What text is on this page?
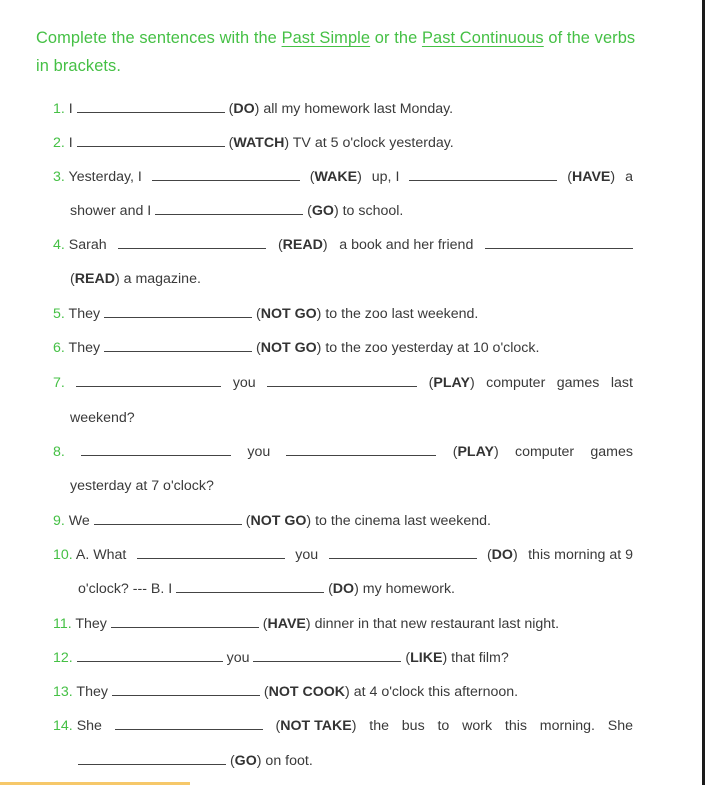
Complete the sentences with the Past Simple or the Past Continuous of the verbs in brackets.
1. I	(DO) all my homework last Monday.
2. I	(WATCH) TV at 5 o'clock yesterday.
3. Yesterday, I	(WAKE) up, I	(HAVE) a
shower and I	(GO) to school.
4. Sarah	(READ) a book and her friend
(READ) a magazine.
5. They	(NOT GO) to the zoo last weekend.
6. They	(NOT GO) to the zoo yesterday at 10 o'clock.
7.	you	(PLAY) computer games last
weekend?
8.	you	(PLAY) computer games
yesterday at 7 o'clock?
9. We	(NOT GO) to the cinema last weekend.
10. A. What	you	(DO) this morning at 9
o'clock? --- B. I	(DO) my homework.
11. They	(HAVE) dinner in that new restaurant last night.
12.	you	(LIKE) that film?
13. They	(NOT COOK) at 4 o'clock this afternoon.
14. She	(NOT TAKE) the bus to work this morning. She
(GO) on foot.
